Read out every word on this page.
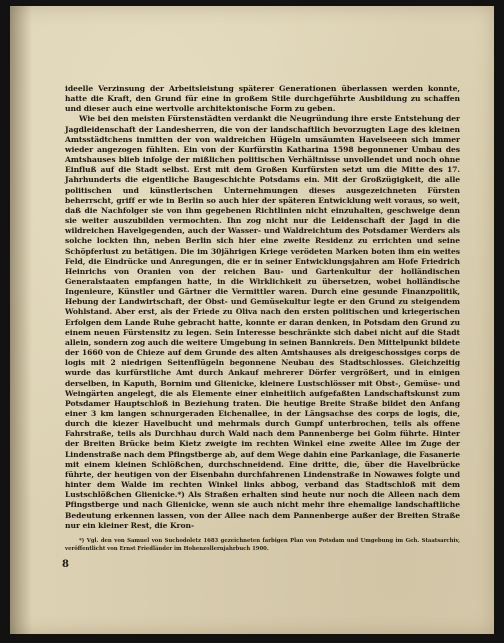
ideelle Verzinsung der Arbeitsleistung späterer Generationen überlassen werden konnte, hatte die Kraft, den Grund für eine in großem Stile durchgeführte Ausbildung zu schaffen und dieser auch eine wertvolle architektonische Form zu geben.

Wie bei den meisten Fürstenstädten verdankt die Neugründung ihre erste Entstehung der Jagdleidenschaft der Landesherren, die von der landschaftlich bevorzugten Lage des kleinen Amtsstädtchens inmitten der von waldreichen Hügeln umsäumten Havelseeen sich immer wieder angezogen fühlten. Ein von der Kurfürstin Katharina 1598 begonnener Umbau des Amtshauses blieb infolge der mißlichen politischen Verhältnisse unvollendet und noch ohne Einfluß auf die Stadt selbst. Erst mit dem Großen Kurfürsten setzt um die Mitte des 17. Jahrhunderts die eigentliche Baugeschichte Potsdams ein. Mit der Großzügigkeit, die alle politischen und künstlerischen Unternehmungen dieses ausgezeichneten Fürsten beherrscht, griff er wie in Berlin so auch hier der späteren Entwicklung weit voraus, so weit, daß die Nachfolger sie von ihm gegebenen Richtlinien nicht einzuhalten, geschweige denn sie weiter auszubilden vermochten. Ihn zog nicht nur die Leidenschaft der Jagd in die wildreichen Havelgegenden, auch der Wasser- und Waldreichtum des Potsdamer Werders als solche lockten ihn, neben Berlin sich hier eine zweite Residenz zu errichten und seine Schöpferlust zu betätigen. Die im 30jährigen Kriege verödeten Marken boten ihm ein weites Feld, die Eindrücke und Anregungen, die er in seiner Entwicklungsjahren am Hofe Friedrich Heinrichs von Oranien von der reichen Bau- und Gartenkultur der holländischen Generalstaaten empfangen hatte, in die Wirklichkeit zu übersetzen, wobei holländische Ingenieure, Künstler und Gärtner die Vermittler waren. Durch eine gesunde Finanzpolitik, Hebung der Landwirtschaft, der Obst- und Gemüsekultur legte er den Grund zu steigendem Wohlstand. Aber erst, als der Friede zu Oliva nach den ersten politischen und kriegerischen Erfolgen dem Lande Ruhe gebracht hatte, konnte er daran denken, in Potsdam den Grund zu einem neuen Fürstensitz zu legen. Sein Interesse beschränkte sich dabei nicht auf die Stadt allein, sondern zog auch die weitere Umgebung in seinen Bannkreis. Den Mittelpunkt bildete der 1660 von de Chieze auf dem Grunde des alten Amtshauses als dreigeschossiges corps de logis mit 2 niedrigen Seitenflügeln begonnene Neubau des Stadtschlosses. Gleichzeitig wurde das kurfürstliche Amt durch Ankauf mehrerer Dörfer vergrößert, und in einigen derselben, in Kaputh, Bornim und Glienicke, kleinere Lustschlösser mit Obst-, Gemüse- und Weingärten angelegt, die als Elemente einer einheitlich aufgefaßten Landschaftskunst zum Potsdamer Hauptschloß in Beziehung traten. Die heutige Breite Straße bildet den Anfang einer 3 km langen schnurgeraden Eichenallee, in der Längsachse des corps de logis, die, durch die kiezer Havelbucht und mehrmals durch Gumpf unterbrochen, teils als offene Fahrstraße, teils als Durchhau durch Wald nach dem Pannenberge bei Golm führte. Hinter der Breiten Brücke beim Kietz zweigte im rechten Winkel eine zweite Allee im Zuge der Lindenstraße nach dem Pfingstberge ab, auf dem Wege dahin eine Parkanlage, die Fasanerie mit einem kleinen Schlößchen, durchschneidend. Eine dritte, die, über die Havelbrücke führte, der heutigen von der Eisenbahn durchfahrenen Lindenstraße in Nowawes folgte und hinter dem Walde im rechten Winkel links abbog, verband das Stadtschloß mit dem Lustschlößchen Glienicke.*) Als Straßen erhalten sind heute nur noch die Alleen nach dem Pfingstberge und nach Glienicke, wenn sie auch nicht mehr ihre ehemalige landschaftliche Bedeutung erkennen lassen, von der Allee nach dem Pannenberge außer der Breiten Straße nur ein kleiner Rest, die Kron-

*) Vgl. den von Samuel von Suchodoletz 1683 gezeichneten farbigen Plan von Potsdam und Umgebung im Geh. Staatsarchiv, veröffentlicht von Ernst Friedländer im Hohenzollernjahrbuch 1900.

8
